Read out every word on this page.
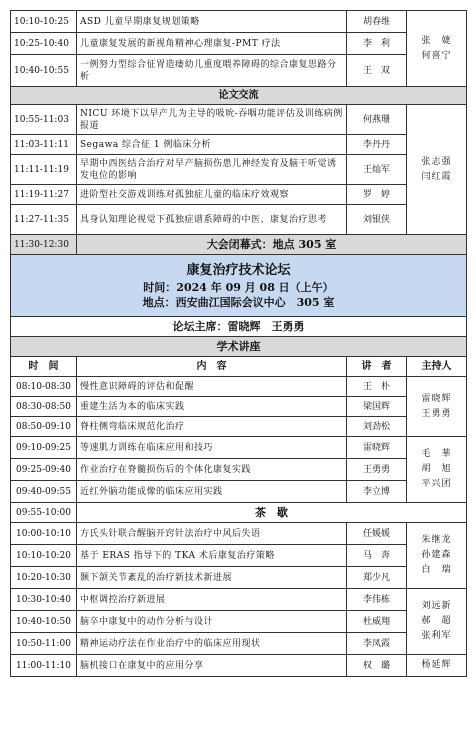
10:10-10:25	ASD 儿童早期康复规划策略	胡春维	张　婕
何喜宁

10:25-10:40	儿童康复发展的新视角精神心理康复-PMT 疗法	李　利	
10:40-10:55	一例努力型综合征胃造瘘幼儿重度喂养障碍的综合康复思路分析	王　双	
论文交流			
10:55-11:03	NICU 环境下以早产儿为主导的吸吮-吞咽功能评估及训练病例报道	何燕珊	张志强
闫红霞

11:03-11:11	Segawa 综合征 1 例临床分析	李丹丹	
11:11-11:19	早期中西医结合治疗对早产脑损伤患儿神经发育及脑干听觉诱发电位的影响	王灿军	
11:19-11:27	进阶型社交游戏训练对孤独症儿童的临床疗效观察	罗　婷	
11:27-11:35	具身认知理论视觉下孤独症谱系障碍的中医、康复治疗思考	刘银侠	
11:30-12:30	大会闭幕式：地点 305 室		

康复治疗技术论坛
时间：2024 年 09 月 08 日（上午）
地点：西安曲江国际会议中心　305 室			

论坛主席：雷晓辉　王勇勇			
学术讲座			
时　间	内　容	讲　者	主持人
08:10-08:30	慢性意识障碍的评估和促醒	王　朴	雷晓辉
王勇勇

08:30-08:50	重建生活为本的临床实践	梁国辉	
08:50-09:10	脊柱侧弯临床规范化治疗	刘劲松	
09:10-09:25	等速肌力训练在临床应用和技巧	雷晓辉	毛　華
胡　旭
平兴团

09:25-09:40	作业治疗在脊髓损伤后的个体化康复实践	王勇勇	
09:40-09:55	近红外脑功能成像的临床应用实践	李立博	
09:55-10:00	茶　歇		
10:00-10:10	方氏头针联合醒脑开窍针法治疗中风后失语	任媛媛	朱继龙
孙建森
白　瑞

10:10-10:20	基于 ERAS 指导下的 TKA 术后康复治疗策略	马　奔	
10:20-10:30	颞下颌关节紊乱的治疗新技术新进展	郑少凡	
10:30-10:40	中枢调控治疗新进展	李伟栋	刘远新
郝　超
张利军

10:40-10:50	脑卒中康复中的动作分析与设计	杜威翔	
10:50-11:00	精神运动疗法在作业治疗中的临床应用现状	李凤霞	
11:00-11:10	脑机接口在康复中的应用分享	权　璐	杨延辉
